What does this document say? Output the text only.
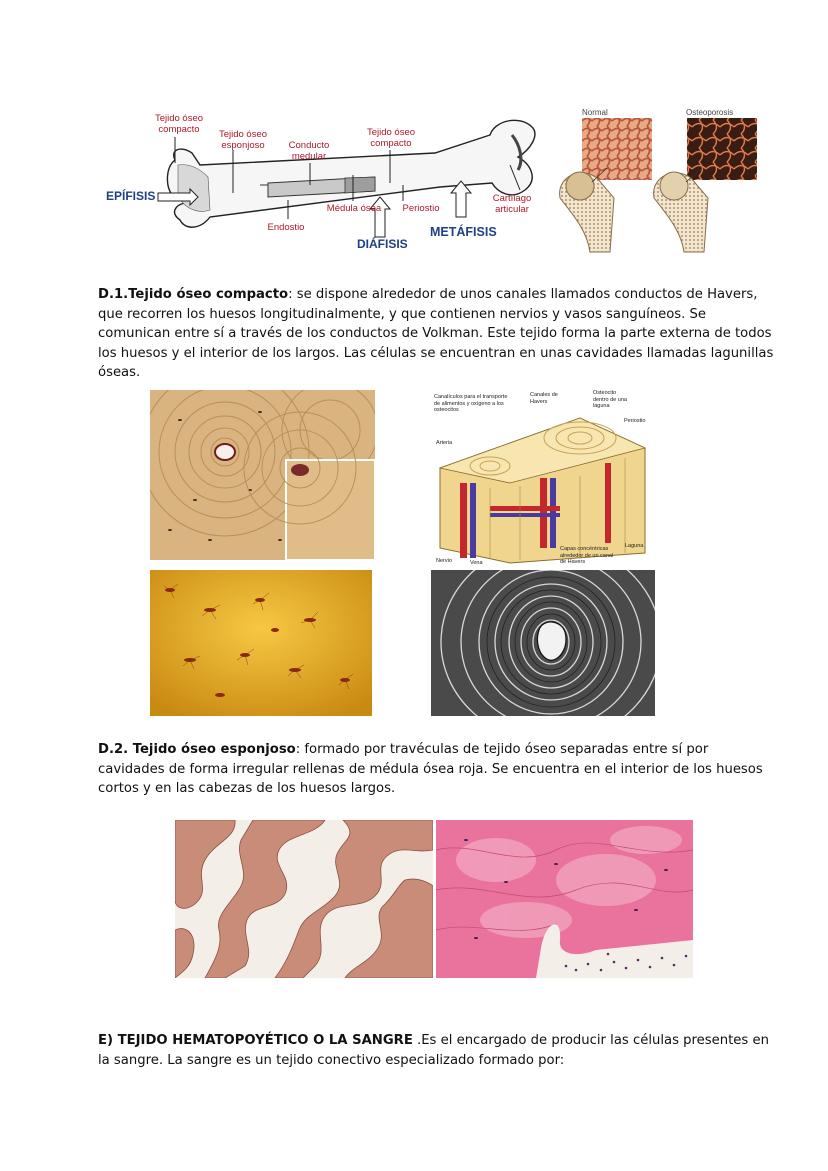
Tejido óseo compacto	Tejido óseo esponjoso	Conducto medular
Tejido óseo compacto
Médula ósea	Periostio
Cartílago articular
Endostio
EPÍFISIS
DIÁFISIS
METÁFISIS
Normal	Osteoporosis
D.1.Tejido óseo compacto: se dispone alrededor de unos canales llamados conductos de Havers, que recorren los huesos longitudinalmente, y que contienen nervios y vasos sanguíneos. Se comunican entre sí a través de los conductos de Volkman. Este tejido forma la parte externa de todos los huesos y el interior de los largos. Las células se encuentran en unas cavidades llamadas lagunillas óseas.
Canalículos para el transporte de alimentos y oxígeno a los osteocitos
Canales de Havers
Osteocito dentro de una laguna
Periostio
Arteria
Laguna
Capas concéntricas alrededor de un canal de Havers
Nervio	Vena
D.2. Tejido óseo esponjoso: formado por travéculas de tejido óseo separadas entre sí por cavidades de forma irregular rellenas de médula ósea roja. Se encuentra en el interior de los huesos cortos y en las cabezas de los huesos largos.
E) TEJIDO HEMATOPOYÉTICO O LA SANGRE .Es el encargado de producir las células presentes en la sangre. La sangre es un tejido conectivo especializado formado por:
